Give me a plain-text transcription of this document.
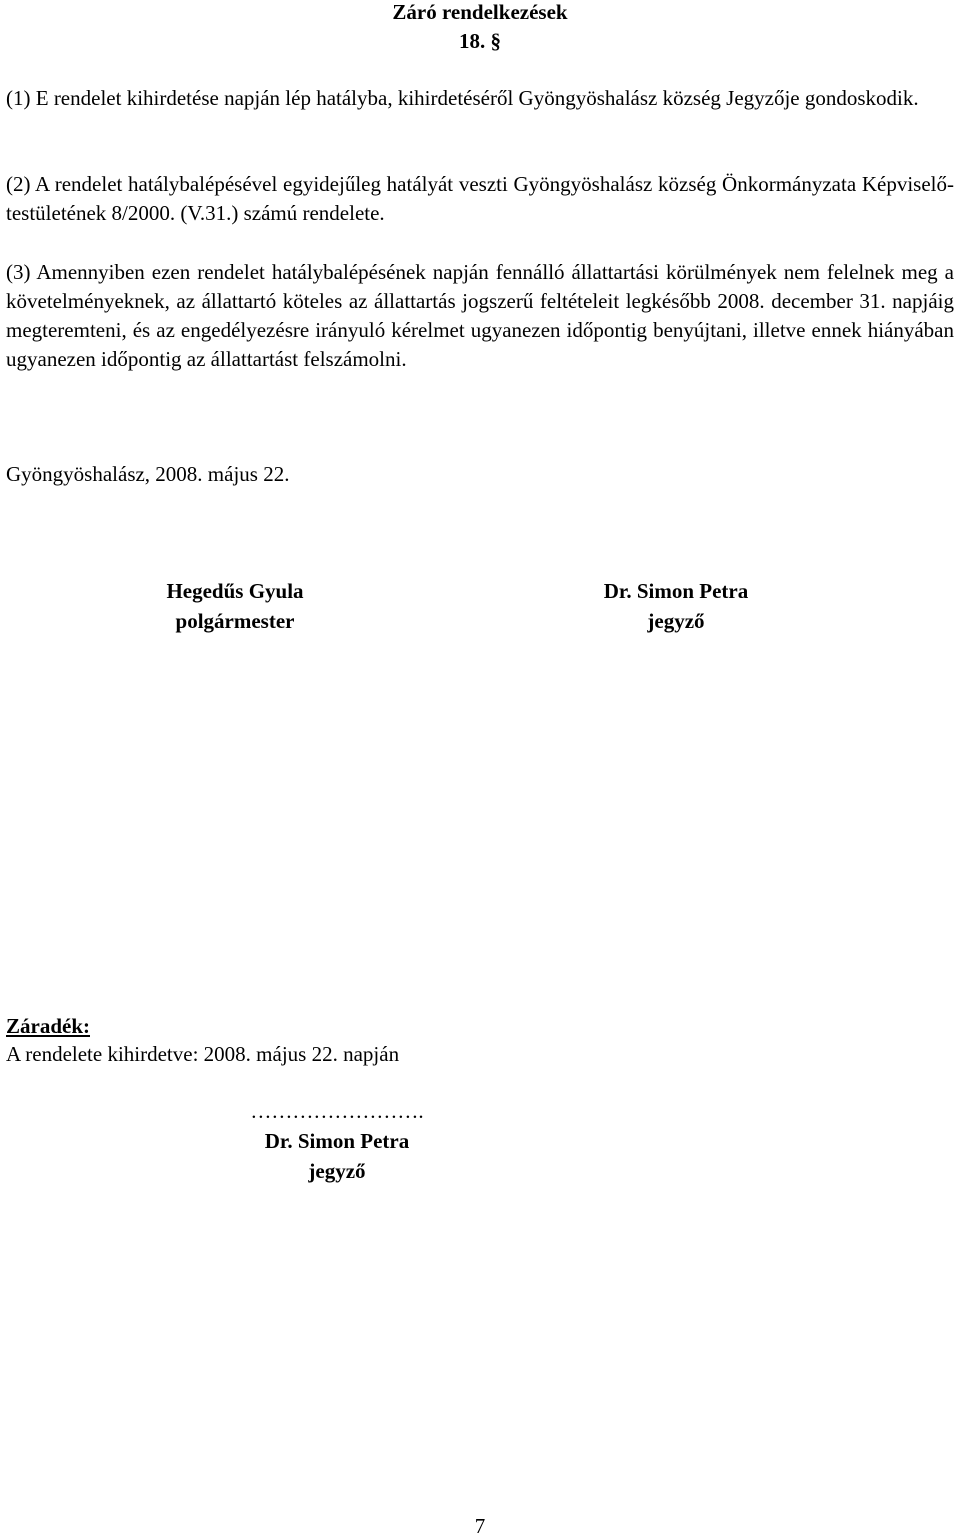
Záró rendelkezések
18. §
(1) E rendelet kihirdetése napján lép hatályba, kihirdetéséről Gyöngyöshalász község Jegyzője gondoskodik.
(2) A rendelet hatálybalépésével egyidejűleg hatályát veszti Gyöngyöshalász község Önkormányzata Képviselő-testületének 8/2000. (V.31.) számú rendelete.
(3) Amennyiben ezen rendelet hatálybalépésének napján fennálló állattartási körülmények nem felelnek meg a követelményeknek, az állattartó köteles az állattartás jogszerű feltételeit legkésőbb 2008. december 31. napjáig megteremteni, és az engedélyezésre irányuló kérelmet ugyanezen időpontig benyújtani, illetve ennek hiányában ugyanezen időpontig az állattartást felszámolni.
Gyöngyöshalász, 2008. május 22.
Hegedűs Gyula
polgármester
Dr. Simon Petra
jegyző
Záradék:
A rendelete kihirdetve: 2008. május 22. napján
…………………….
Dr. Simon Petra
jegyző
7
